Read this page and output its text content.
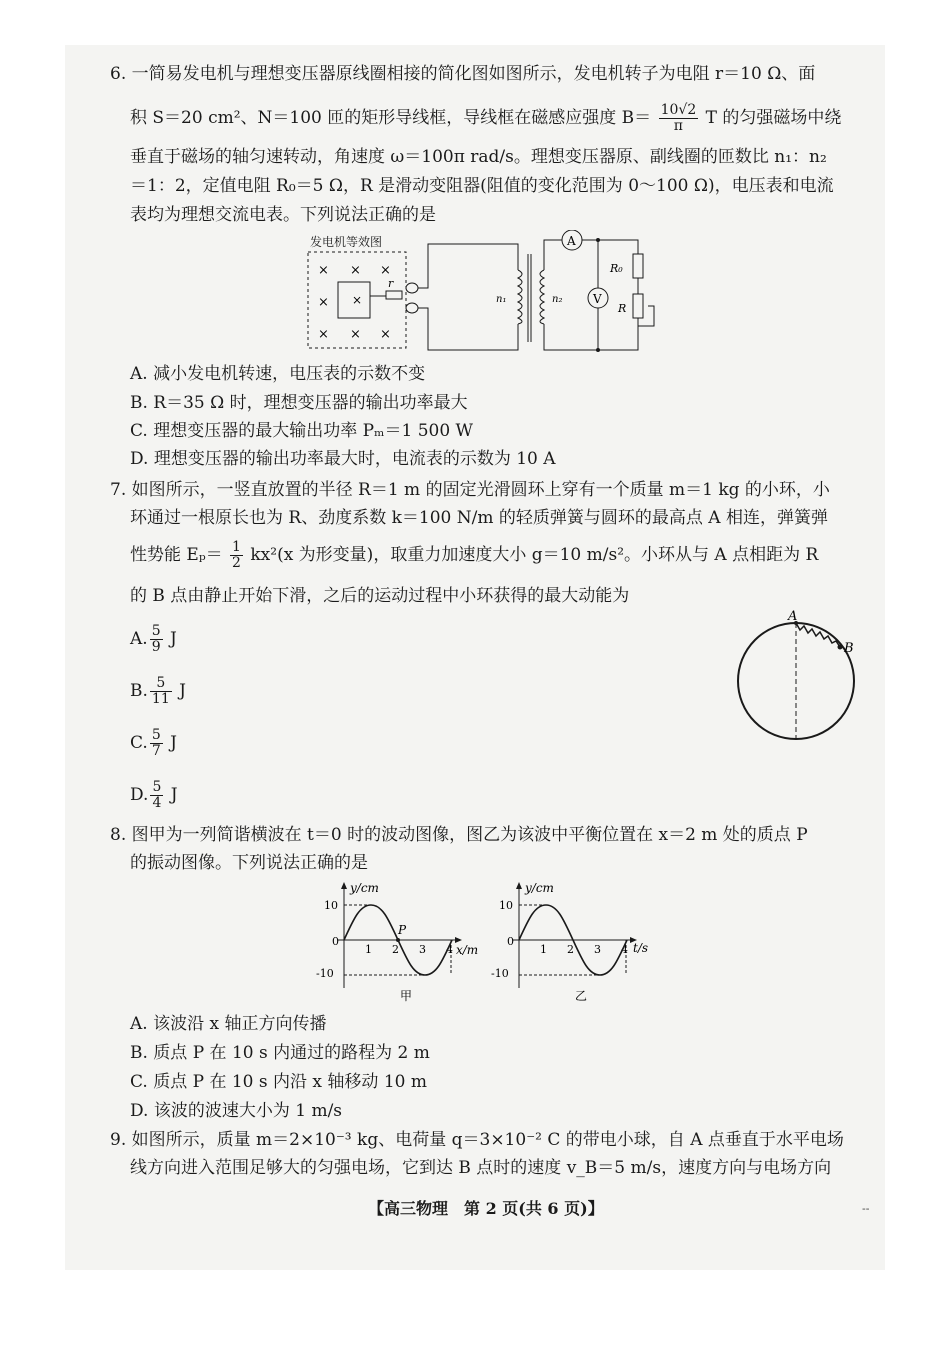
6. 一简易发电机与理想变压器原线圈相接的简化图如图所示，发电机转子为电阻 r＝10 Ω、面
积 S＝20 cm²、N＝100 匝的矩形导线框，导线框在磁感应强度 $B= \frac{10√2}{\pi}$ T 的匀强磁场中绕
垂直于磁场的轴匀速转动，角速度 ω＝100π rad/s。理想变压器原、副线圈的匝数比 n₁：n₂
＝1：2，定值电阻 R₀＝5 Ω，R 是滑动变阻器(阻值的变化范围为 0～100 Ω)，电压表和电流
表均为理想交流电表。下列说法正确的是
发电机等效图
× × ×
×
× × ×
×
r
n₁	n₂
A
V
R₀
R
A. 减小发电机转速，电压表的示数不变
B. R＝35 Ω 时，理想变压器的输出功率最大
C. 理想变压器的最大输出功率 Pₘ＝1 500 W
D. 理想变压器的输出功率最大时，电流表的示数为 10 A
7. 如图所示，一竖直放置的半径 R＝1 m 的固定光滑圆环上穿有一个质量 m＝1 kg 的小环，小
环通过一根原长也为 R、劲度系数 k＝100 N/m 的轻质弹簧与圆环的最高点 A 相连，弹簧弹
性势能 $E_p= \frac{1}{2} kx^2(x$ 为形变量)，取重力加速度大小 g＝10 m/s²。小环从与 A 点相距为 R
的 B 点由静止开始下滑，之后的运动过程中小环获得的最大动能为
A. $\frac{5}{9}$ J
B. $\frac{5}{11}$ J
C. $\frac{5}{7}$ J
D. $\frac{5}{4}$ J
A
B
8. 图甲为一列简谐横波在 t＝0 时的波动图像，图乙为该波中平衡位置在 x＝2 m 处的质点 P
的振动图像。下列说法正确的是
y/cm
x/m
10
0
-10
1 2 3 4
P
甲
y/cm
t/s
10
0
-10
1 2 3 4
乙
A. 该波沿 x 轴正方向传播
B. 质点 P 在 10 s 内通过的路程为 2 m
C. 质点 P 在 10 s 内沿 x 轴移动 10 m
D. 该波的波速大小为 1 m/s
9. 如图所示，质量 m＝2×10⁻³ kg、电荷量 q＝3×10⁻² C 的带电小球，自 A 点垂直于水平电场
线方向进入范围足够大的匀强电场，它到达 B 点时的速度 v_B＝5 m/s，速度方向与电场方向
【高三物理　第 2 页(共 6 页)】	--
